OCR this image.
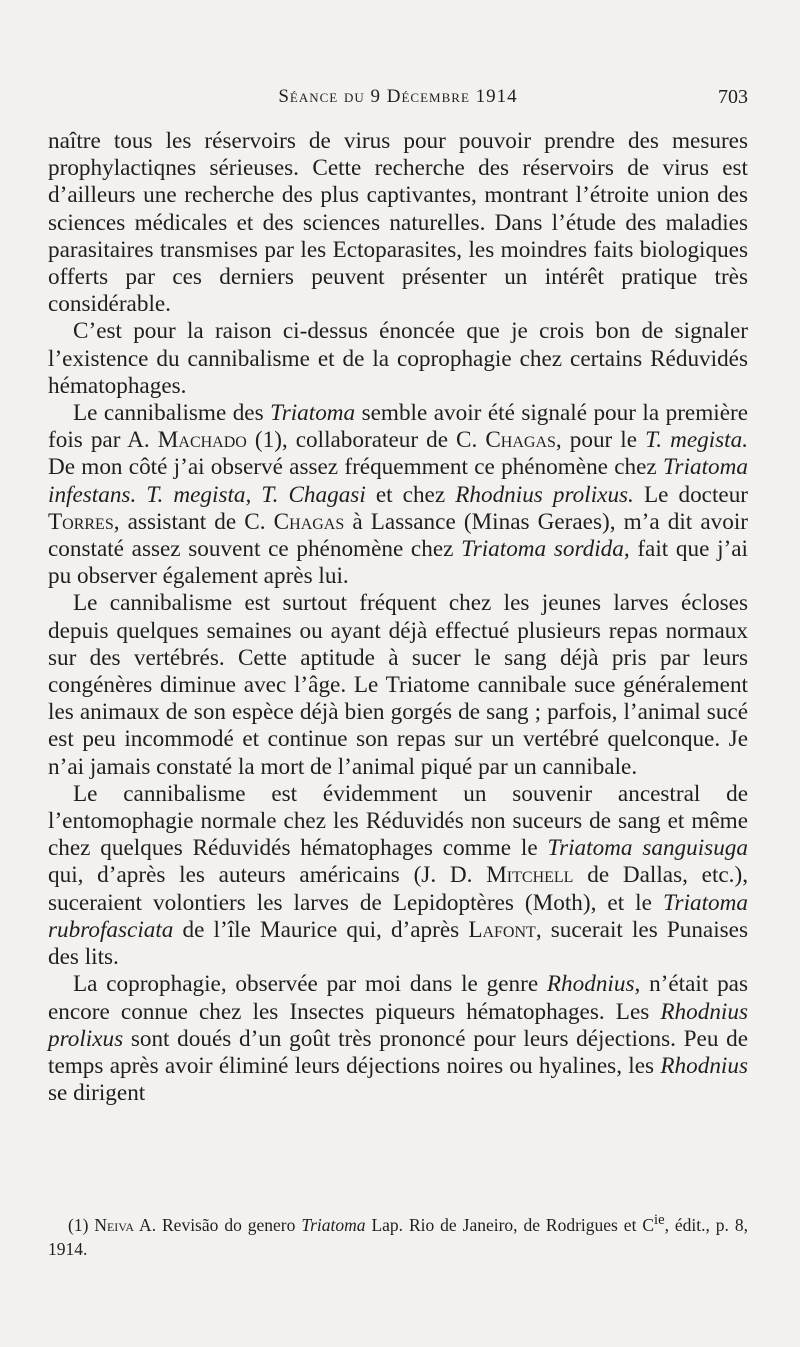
Séance du 9 Décembre 1914	703

naître tous les réservoirs de virus pour pouvoir prendre des mesures prophylactiqnes sérieuses. Cette recherche des réservoirs de virus est d’ailleurs une recherche des plus captivantes, montrant l’étroite union des sciences médicales et des sciences naturelles. Dans l’étude des maladies parasitaires transmises par les Ectoparasites, les moindres faits biologiques offerts par ces derniers peuvent présenter un intérêt pratique très considérable.

C’est pour la raison ci-dessus énoncée que je crois bon de signaler l’existence du cannibalisme et de la coprophagie chez certains Réduvidés hématophages.

Le cannibalisme des Triatoma semble avoir été signalé pour la première fois par A. Machado (1), collaborateur de C. Chagas, pour le T. megista. De mon côté j’ai observé assez fréquemment ce phénomène chez Triatoma infestans. T. megista, T. Chagasi et chez Rhodnius prolixus. Le docteur Torres, assistant de C. Chagas à Lassance (Minas Geraes), m’a dit avoir constaté assez souvent ce phénomène chez Triatoma sordida, fait que j’ai pu observer également après lui.

Le cannibalisme est surtout fréquent chez les jeunes larves écloses depuis quelques semaines ou ayant déjà effectué plusieurs repas normaux sur des vertébrés. Cette aptitude à sucer le sang déjà pris par leurs congénères diminue avec l’âge. Le Triatome cannibale suce généralement les animaux de son espèce déjà bien gorgés de sang ; parfois, l’animal sucé est peu incommodé et continue son repas sur un vertébré quelconque. Je n’ai jamais constaté la mort de l’animal piqué par un cannibale.

Le cannibalisme est évidemment un souvenir ancestral de l’entomophagie normale chez les Réduvidés non suceurs de sang et même chez quelques Réduvidés hématophages comme le Triatoma sanguisuga qui, d’après les auteurs américains (J. D. Mitchell de Dallas, etc.), suceraient volontiers les larves de Lepidoptères (Moth), et le Triatoma rubrofasciata de l’île Maurice qui, d’après Lafont, sucerait les Punaises des lits.

La coprophagie, observée par moi dans le genre Rhodnius, n’était pas encore connue chez les Insectes piqueurs hématophages. Les Rhodnius prolixus sont doués d’un goût très prononcé pour leurs déjections. Peu de temps après avoir éliminé leurs déjections noires ou hyalines, les Rhodnius se dirigent

(1) Neiva A. Revisão do genero Triatoma Lap. Rio de Janeiro, de Rodrigues et $C^{ie}$, édit., p. 8, 1914.
